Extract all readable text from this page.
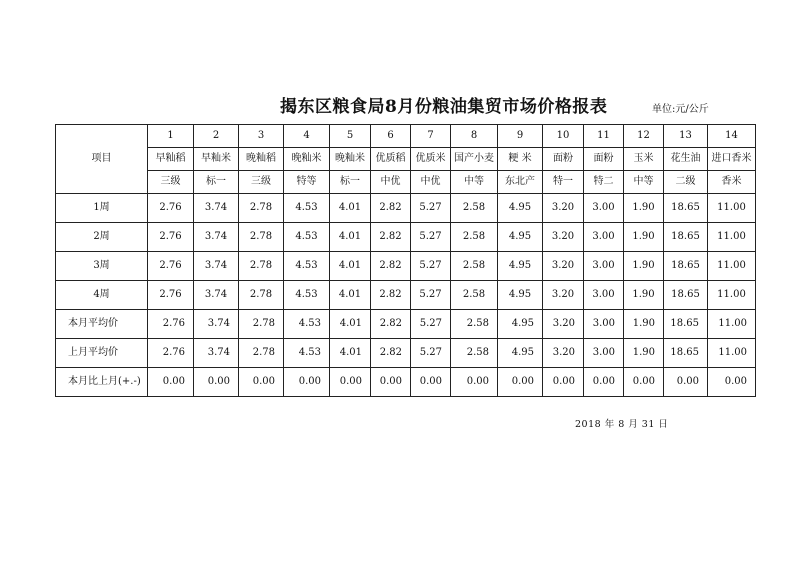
揭东区粮食局8月份粮油集贸市场价格报表	单位:元/公斤
项目	1	2	3	4	5	6	7	8	9	10	11	12	13	14
	早籼稻	早籼米	晚籼稻	晚籼米	晚籼米	优质稻	优质米	国产小麦	粳 米	面粉	面粉	玉米	花生油	进口香米
	三级	标一	三级	特等	标一	中优	中优	中等	东北产	特一	特二	中等	二级	香米
1周	2.76	3.74	2.78	4.53	4.01	2.82	5.27	2.58	4.95	3.20	3.00	1.90	18.65	11.00
2周	2.76	3.74	2.78	4.53	4.01	2.82	5.27	2.58	4.95	3.20	3.00	1.90	18.65	11.00
3周	2.76	3.74	2.78	4.53	4.01	2.82	5.27	2.58	4.95	3.20	3.00	1.90	18.65	11.00
4周	2.76	3.74	2.78	4.53	4.01	2.82	5.27	2.58	4.95	3.20	3.00	1.90	18.65	11.00
本月平均价	2.76	3.74	2.78	4.53	4.01	2.82	5.27	2.58	4.95	3.20	3.00	1.90	18.65	11.00
上月平均价	2.76	3.74	2.78	4.53	4.01	2.82	5.27	2.58	4.95	3.20	3.00	1.90	18.65	11.00
本月比上月(+.-)	0.00	0.00	0.00	0.00	0.00	0.00	0.00	0.00	0.00	0.00	0.00	0.00	0.00	0.00
2018 年 8 月 31 日
